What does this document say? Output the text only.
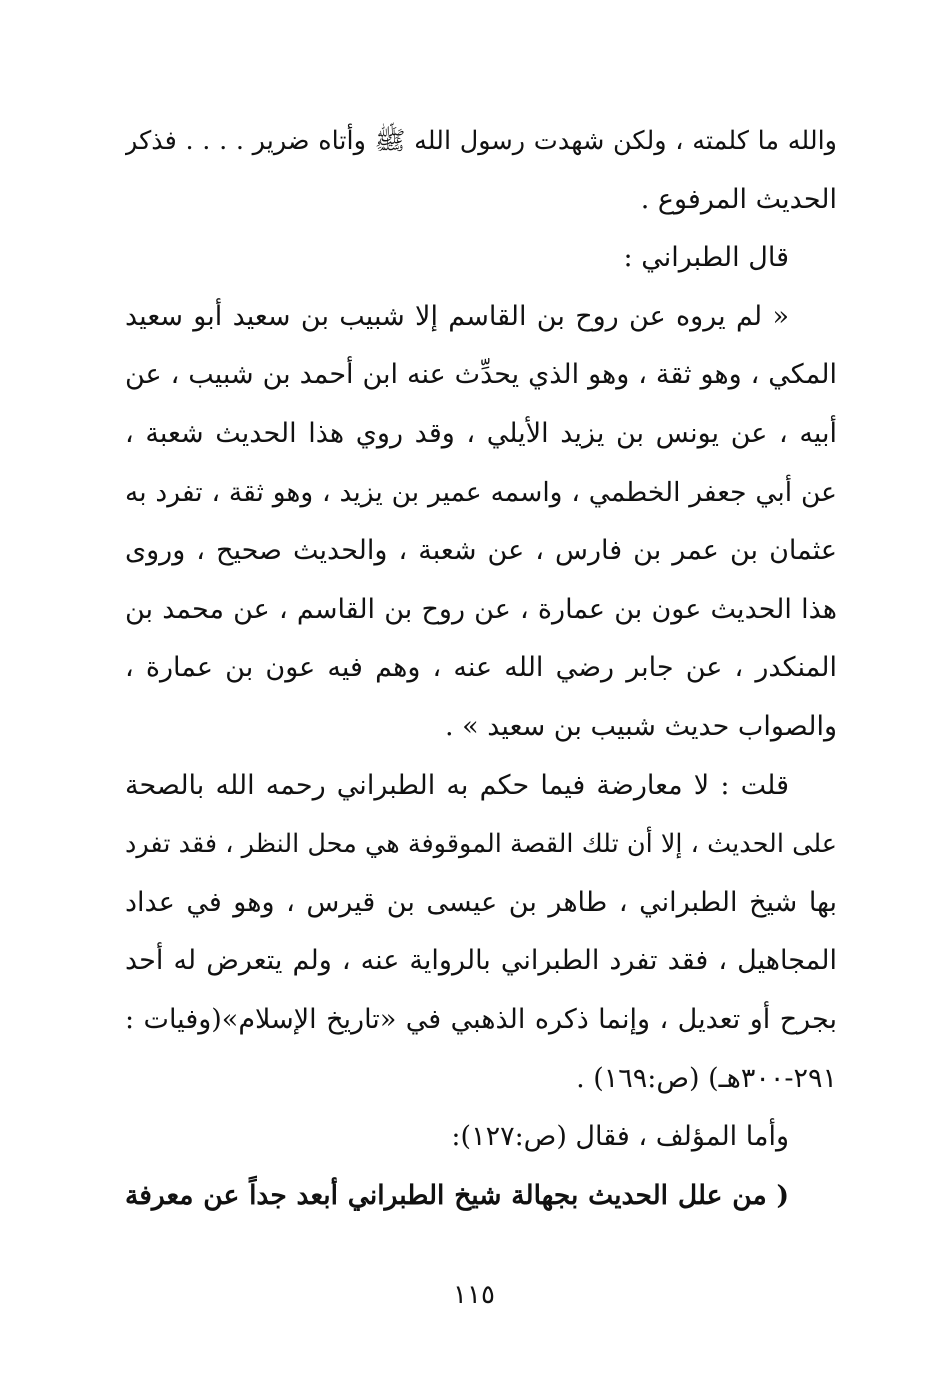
والله ما كلمته ، ولكن شهدت رسول الله ﷺ وأتاه ضرير . . . . فذكر
الحديث المرفوع .
قال الطبراني :
« لم يروه عن روح بن القاسم إلا شبيب بن سعيد أبو سعيد
المكي ، وهو ثقة ، وهو الذي يحدِّث عنه ابن أحمد بن شبيب ، عن
أبيه ، عن يونس بن يزيد الأيلي ، وقد روي هذا الحديث شعبة ،
عن أبي جعفر الخطمي ، واسمه عمير بن يزيد ، وهو ثقة ، تفرد به
عثمان بن عمر بن فارس ، عن شعبة ، والحديث صحيح ، وروى
هذا الحديث عون بن عمارة ، عن روح بن القاسم ، عن محمد بن
المنكدر ، عن جابر رضي الله عنه ، وهم فيه عون بن عمارة ،
والصواب حديث شبيب بن سعيد » .
قلت : لا معارضة فيما حكم به الطبراني رحمه الله بالصحة
على الحديث ، إلا أن تلك القصة الموقوفة هي محل النظر ، فقد تفرد
بها شيخ الطبراني ، طاهر بن عيسى بن قيرس ، وهو في عداد
المجاهيل ، فقد تفرد الطبراني بالرواية عنه ، ولم يتعرض له أحد
بجرح أو تعديل ، وإنما ذكره الذهبي في «تاريخ الإسلام»(وفيات :
٢٩١-٣٠٠هـ) (ص:١٦٩) .
وأما المؤلف ، فقال (ص:١٢٧):
( من علل الحديث بجهالة شيخ الطبراني أبعد جداً عن معرفة
١١٥
